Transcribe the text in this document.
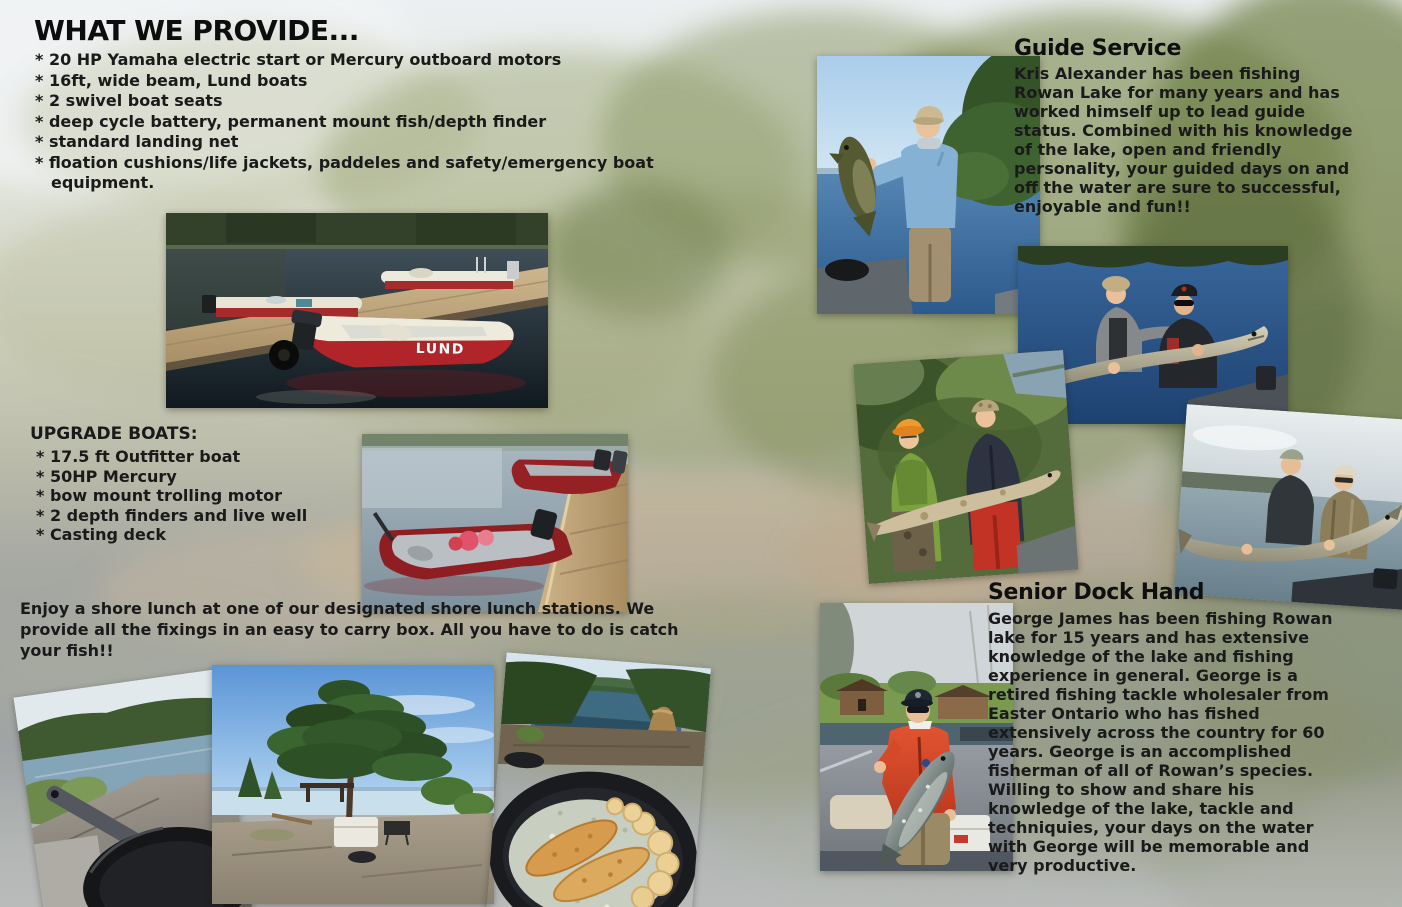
LUND
WHAT WE PROVIDE...
* 20 HP Yamaha electric start or Mercury outboard motors
* 16ft, wide beam, Lund boats
* 2 swivel boat seats
* deep cycle battery, permanent mount fish/depth finder
* standard landing net
* floation cushions/life jackets, paddeles and safety/emergency boat
equipment.
UPGRADE BOATS:
* 17.5 ft Outfitter boat
* 50HP Mercury
* bow mount trolling motor
* 2 depth finders and live well
* Casting deck

Enjoy a shore lunch at one of our designated shore lunch stations. We provide all the fixings in an easy to carry box. All you have to do is catch your fish!!

Guide Service

Kris Alexander has been fishing Rowan Lake for many years and has worked himself up to lead guide status. Combined with his knowledge of the lake, open and friendly personality, your guided days on and off the water are sure to successful, enjoyable and fun!!

Senior Dock Hand

George James has been fishing Rowan lake for 15 years and has extensive knowledge of the lake and fishing experience in general. George is a retired fishing tackle wholesaler from Easter Ontario who has fished extensively across the country for 60 years. George is an accomplished fisherman of all of Rowan’s species. Willing to show and share his knowledge of the lake, tackle and techniquies, your days on the water with George will be memorable and very productive.
